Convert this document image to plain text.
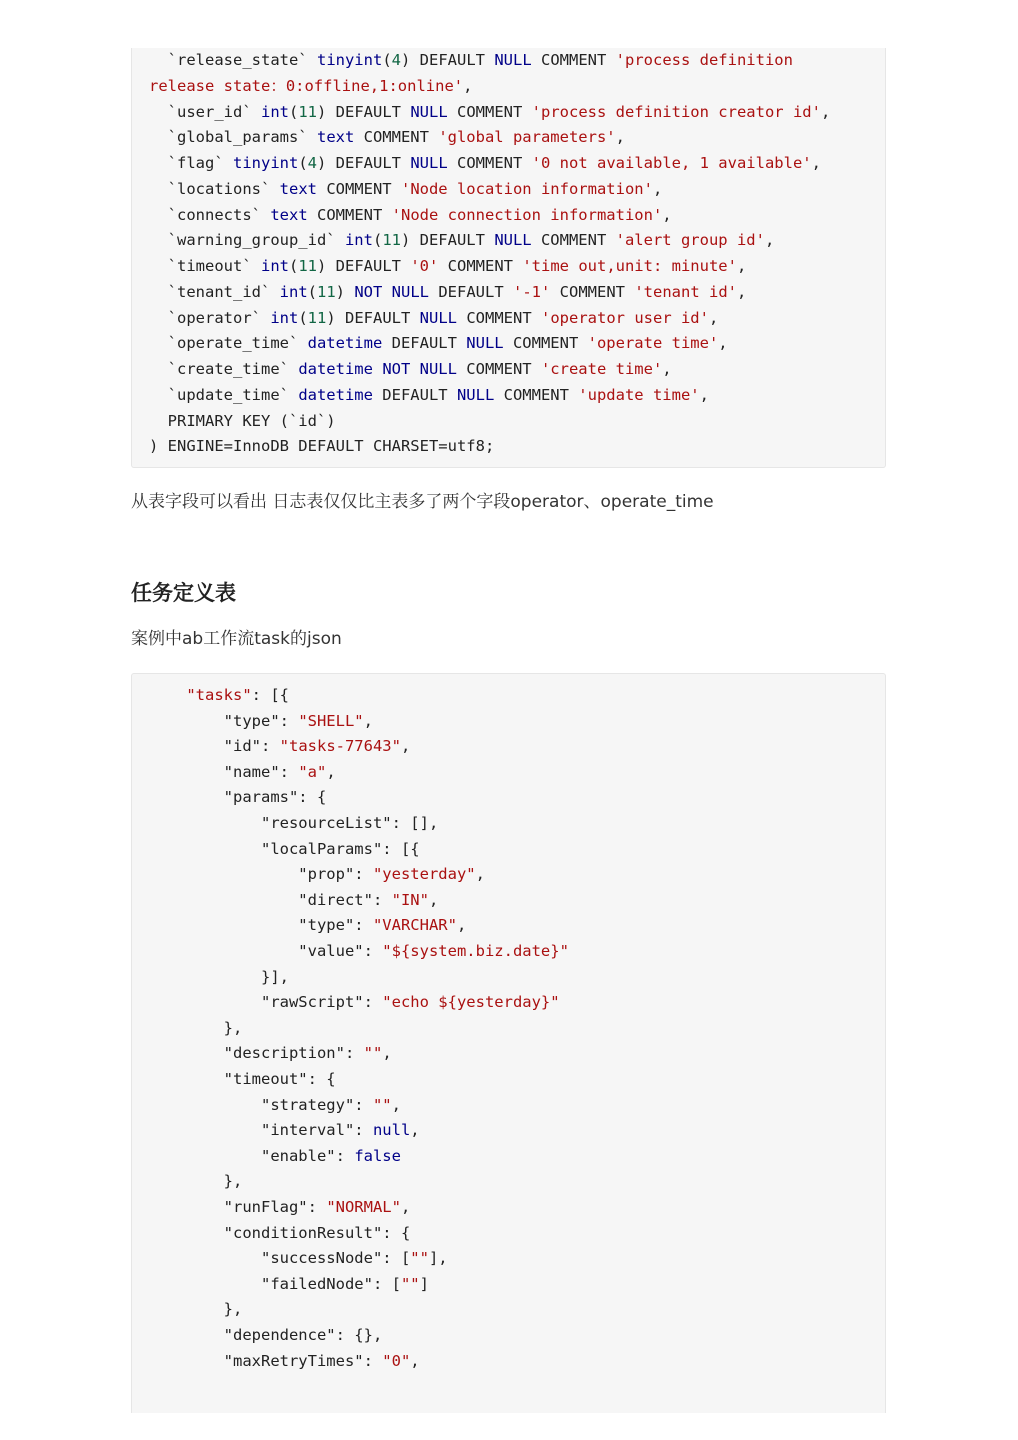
`release_state` tinyint(4) DEFAULT NULL COMMENT 'process definition
release state：0:offline,1:online',
`user_id` int(11) DEFAULT NULL COMMENT 'process definition creator id',
`global_params` text COMMENT 'global parameters',
`flag` tinyint(4) DEFAULT NULL COMMENT '0 not available, 1 available',
`locations` text COMMENT 'Node location information',
`connects` text COMMENT 'Node connection information',
`warning_group_id` int(11) DEFAULT NULL COMMENT 'alert group id',
`timeout` int(11) DEFAULT '0' COMMENT 'time out,unit: minute',
`tenant_id` int(11) NOT NULL DEFAULT '-1' COMMENT 'tenant id',
`operator` int(11) DEFAULT NULL COMMENT 'operator user id',
`operate_time` datetime DEFAULT NULL COMMENT 'operate time',
`create_time` datetime NOT NULL COMMENT 'create time',
`update_time` datetime DEFAULT NULL COMMENT 'update time',
PRIMARY KEY (`id`)
) ENGINE=InnoDB DEFAULT CHARSET=utf8;
从表字段可以看出 日志表仅仅比主表多了两个字段operator、operate_time
任务定义表
案例中ab工作流task的json
"tasks": [{
"type": "SHELL",
"id": "tasks-77643",
"name": "a",
"params": {
"resourceList": [],
"localParams": [{
"prop": "yesterday",
"direct": "IN",
"type": "VARCHAR",
"value": "${system.biz.date}"
}],
"rawScript": "echo ${yesterday}"
},
"description": "",
"timeout": {
"strategy": "",
"interval": null,
"enable": false
},
"runFlag": "NORMAL",
"conditionResult": {
"successNode": [""],
"failedNode": [""]
},
"dependence": {},
"maxRetryTimes": "0",
